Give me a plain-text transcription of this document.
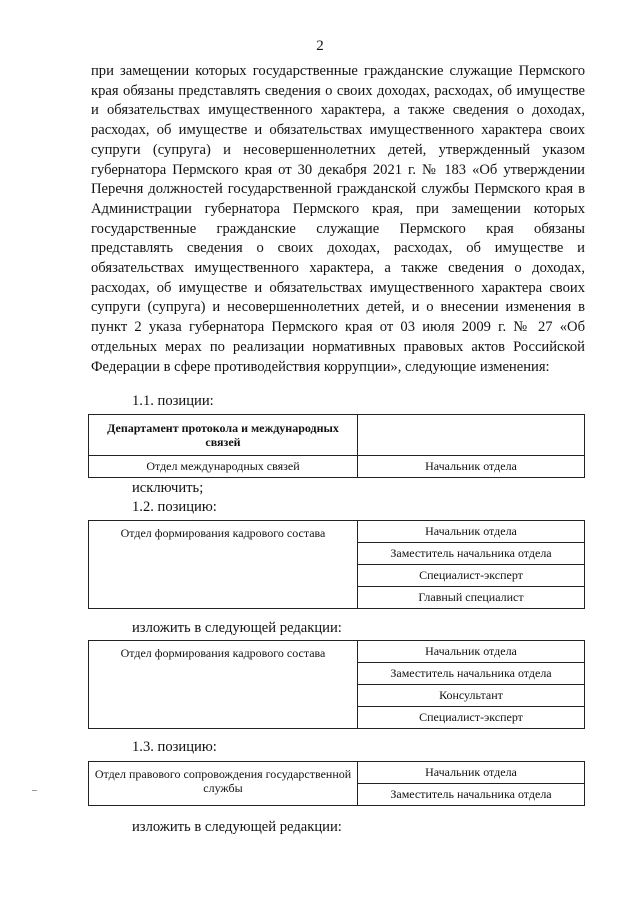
2

при замещении которых государственные гражданские служащие Пермского края обязаны представлять сведения о своих доходах, расходах, об имуществе и обязательствах имущественного характера, а также сведения о доходах, расходах, об имуществе и обязательствах имущественного характера своих супруги (супруга) и несовершеннолетних детей, утвержденный указом губернатора Пермского края от 30 декабря 2021 г. № 183 «Об утверждении Перечня должностей государственной гражданской службы Пермского края в Администрации губернатора Пермского края, при замещении которых государственные гражданские служащие Пермского края обязаны представлять сведения о своих доходах, расходах, об имуществе и обязательствах имущественного характера, а также сведения о доходах, расходах, об имуществе и обязательствах имущественного характера своих супруги (супруга) и несовершеннолетних детей, и о внесении изменения в пункт 2 указа губернатора Пермского края от 03 июля 2009 г. № 27 «Об отдельных мерах по реализации нормативных правовых актов Российской Федерации в сфере противодействия коррупции», следующие изменения:

1.1. позиции:
Департамент протокола и международных связей	
Отдел международных связей	Начальник отдела
исключить;
1.2. позицию:
Отдел формирования кадрового состава	Начальник отдела
Заместитель начальника отдела
Специалист-эксперт
Главный специалист
изложить в следующей редакции:
Отдел формирования кадрового состава	Начальник отдела
Заместитель начальника отдела
Консультант
Специалист-эксперт
1.3. позицию:
Отдел правового сопровождения государственной службы	Начальник отдела
Заместитель начальника отдела
изложить в следующей редакции:
